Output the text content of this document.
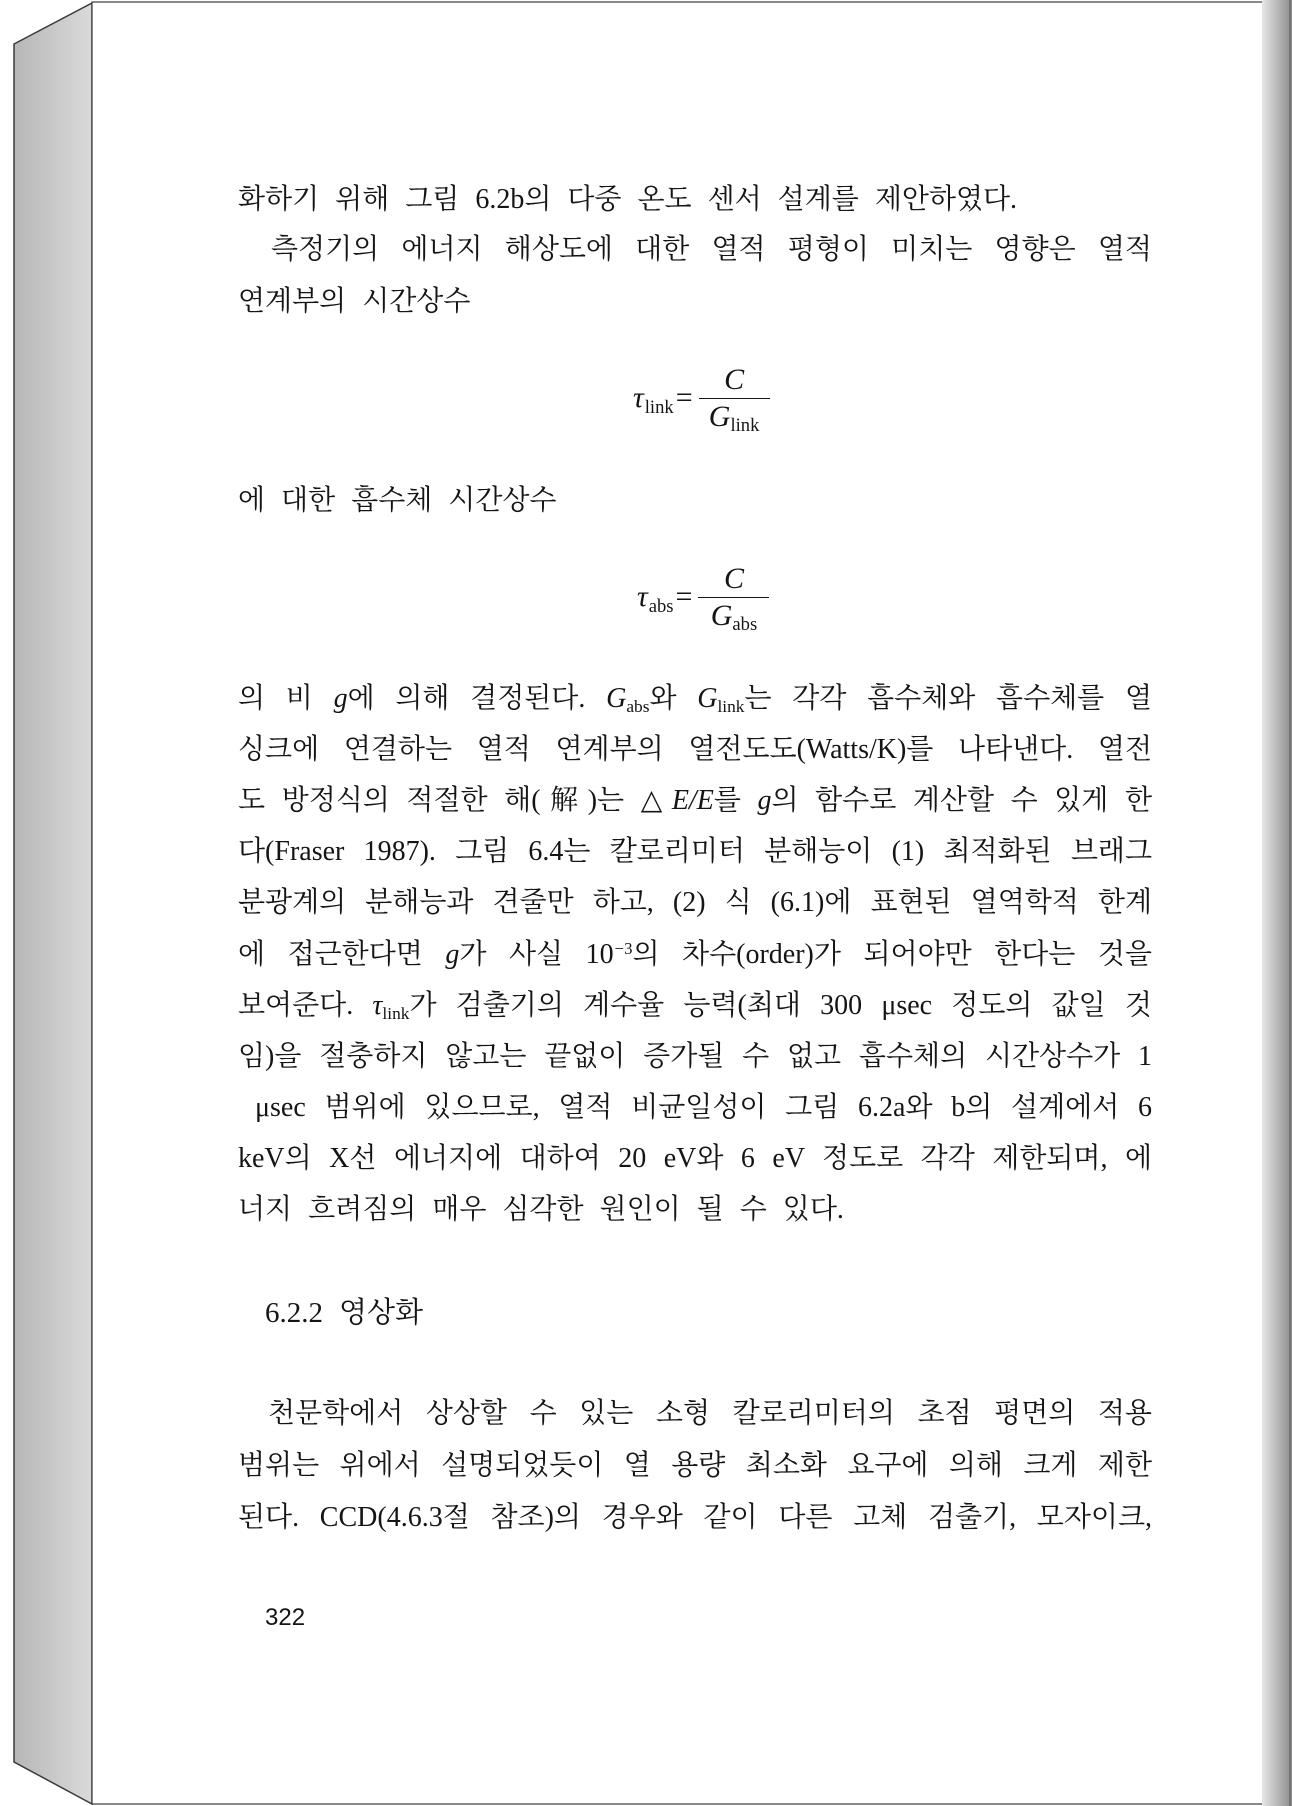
화하기 위해 그림 6.2b의 다중 온도 센서 설계를 제안하였다.
측정기의 에너지 해상도에 대한 열적 평형이 미치는 영향은 열적
연계부의 시간상수
τlink= $\frac{C}{\text{Glink}}$
에 대한 흡수체 시간상수
$\tau abs= \frac{C}{\text{Gabs}}$
의 비 g에 의해 결정된다. Gabs와 Glink는 각각 흡수체와 흡수체를 열
싱크에 연결하는 열적 연계부의 열전도도(Watts/K)를 나타낸다. 열전
도 방정식의 적절한 해(解)는 △E/E를 g의 함수로 계산할 수 있게 한
다(Fraser 1987). 그림 6.4는 칼로리미터 분해능이 (1) 최적화된 브래그
분광계의 분해능과 견줄만 하고, (2) 식 (6.1)에 표현된 열역학적 한계
에 접근한다면 g가 사실 $10^{-3}$의 차수(order)가 되어야만 한다는 것을
보여준다. τlink가 검출기의 계수율 능력(최대 300 μsec 정도의 값일 것
임)을 절충하지 않고는 끝없이 증가될 수 없고 흡수체의 시간상수가 1
μsec 범위에 있으므로, 열적 비균일성이 그림 6.2a와 b의 설계에서 6
keV의 X선 에너지에 대하여 20 eV와 6 eV 정도로 각각 제한되며, 에
너지 흐려짐의 매우 심각한 원인이 될 수 있다.
6.2.2 영상화
천문학에서 상상할 수 있는 소형 칼로리미터의 초점 평면의 적용
범위는 위에서 설명되었듯이 열 용량 최소화 요구에 의해 크게 제한
된다. CCD(4.6.3절 참조)의 경우와 같이 다른 고체 검출기, 모자이크,
322
